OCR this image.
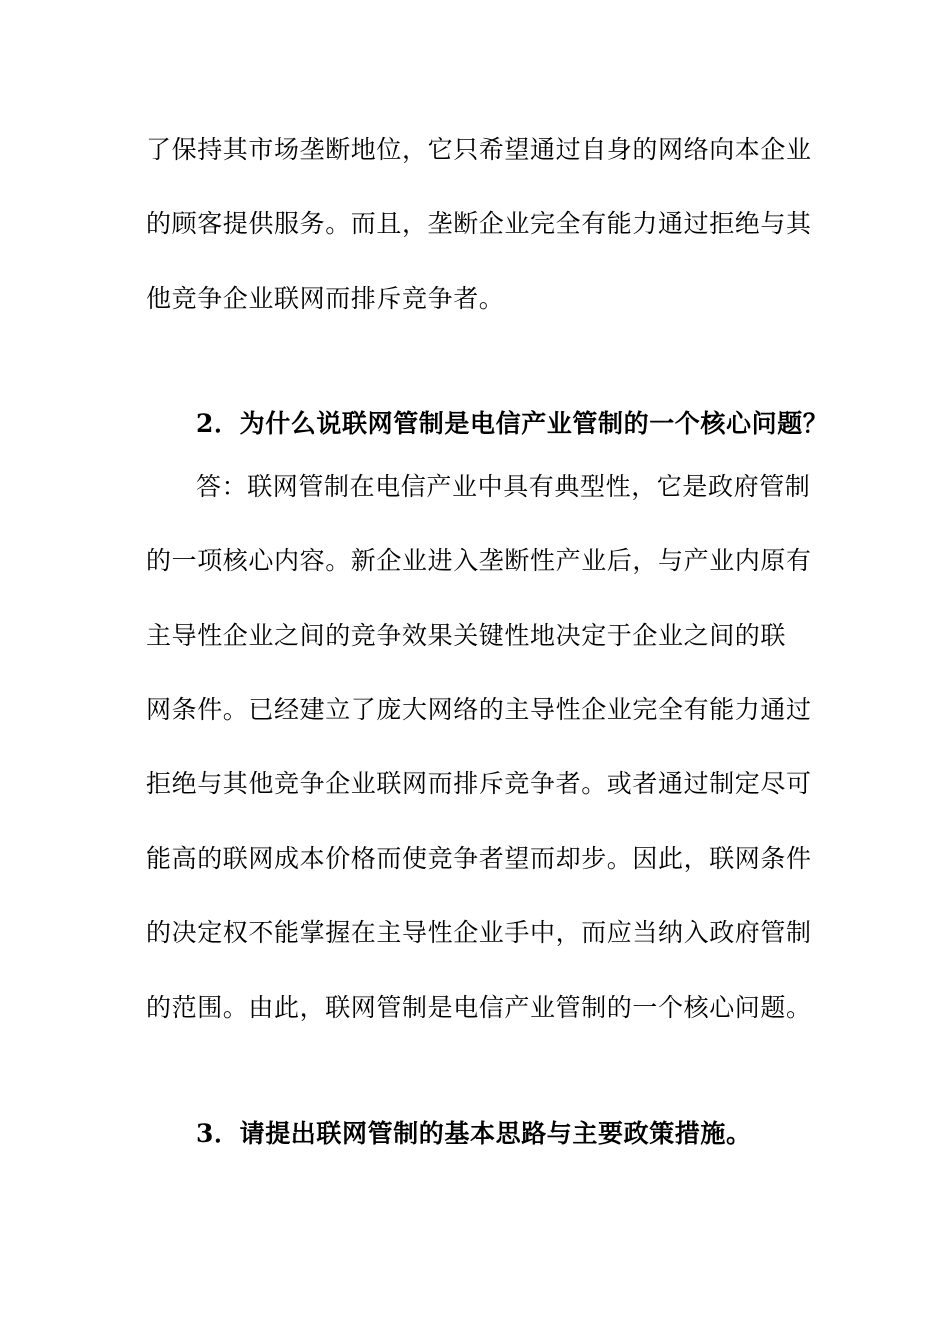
了保持其市场垄断地位，它只希望通过自身的网络向本企业
的顾客提供服务。而且，垄断企业完全有能力通过拒绝与其
他竞争企业联网而排斥竞争者。
2．为什么说联网管制是电信产业管制的一个核心问题？
答：联网管制在电信产业中具有典型性，它是政府管制
的一项核心内容。新企业进入垄断性产业后，与产业内原有
主导性企业之间的竞争效果关键性地决定于企业之间的联
网条件。已经建立了庞大网络的主导性企业完全有能力通过
拒绝与其他竞争企业联网而排斥竞争者。或者通过制定尽可
能高的联网成本价格而使竞争者望而却步。因此，联网条件
的决定权不能掌握在主导性企业手中，而应当纳入政府管制
的范围。由此，联网管制是电信产业管制的一个核心问题。
3．请提出联网管制的基本思路与主要政策措施。
